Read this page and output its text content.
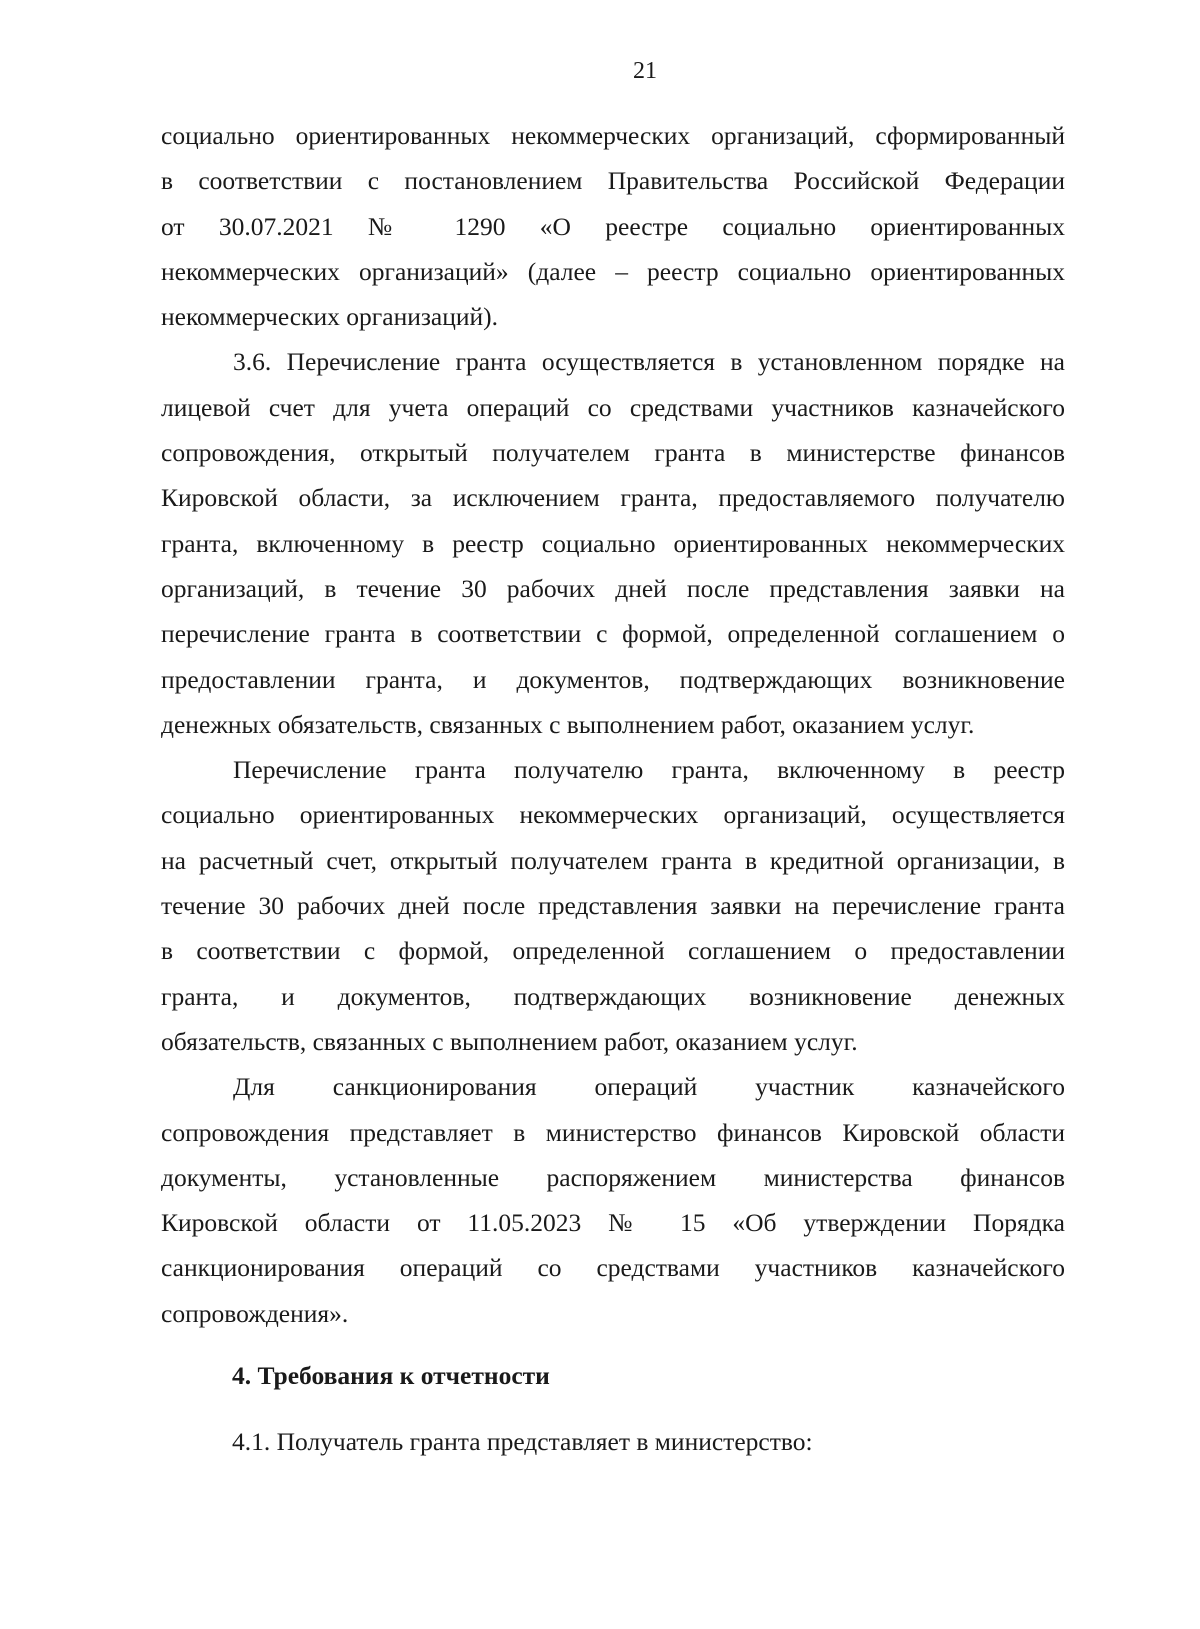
21
социально ориентированных некоммерческих организаций, сформированный
в соответствии с постановлением Правительства Российской Федерации
от 30.07.2021 № 1290 «О реестре социально ориентированных
некоммерческих организаций» (далее – реестр социально ориентированных
некоммерческих организаций).
3.6. Перечисление гранта осуществляется в установленном порядке на
лицевой счет для учета операций со средствами участников казначейского
сопровождения, открытый получателем гранта в министерстве финансов
Кировской области, за исключением гранта, предоставляемого получателю
гранта, включенному в реестр социально ориентированных некоммерческих
организаций, в течение 30 рабочих дней после представления заявки на
перечисление гранта в соответствии с формой, определенной соглашением о
предоставлении гранта, и документов, подтверждающих возникновение
денежных обязательств, связанных с выполнением работ, оказанием услуг.
Перечисление гранта получателю гранта, включенному в реестр
социально ориентированных некоммерческих организаций, осуществляется
на расчетный счет, открытый получателем гранта в кредитной организации, в
течение 30 рабочих дней после представления заявки на перечисление гранта
в соответствии с формой, определенной соглашением о предоставлении
гранта, и документов, подтверждающих возникновение денежных
обязательств, связанных с выполнением работ, оказанием услуг.
Для санкционирования операций участник казначейского
сопровождения представляет в министерство финансов Кировской области
документы, установленные распоряжением министерства финансов
Кировской области от 11.05.2023 № 15 «Об утверждении Порядка
санкционирования операций со средствами участников казначейского
сопровождения».
4. Требования к отчетности

4.1. Получатель гранта представляет в министерство:
